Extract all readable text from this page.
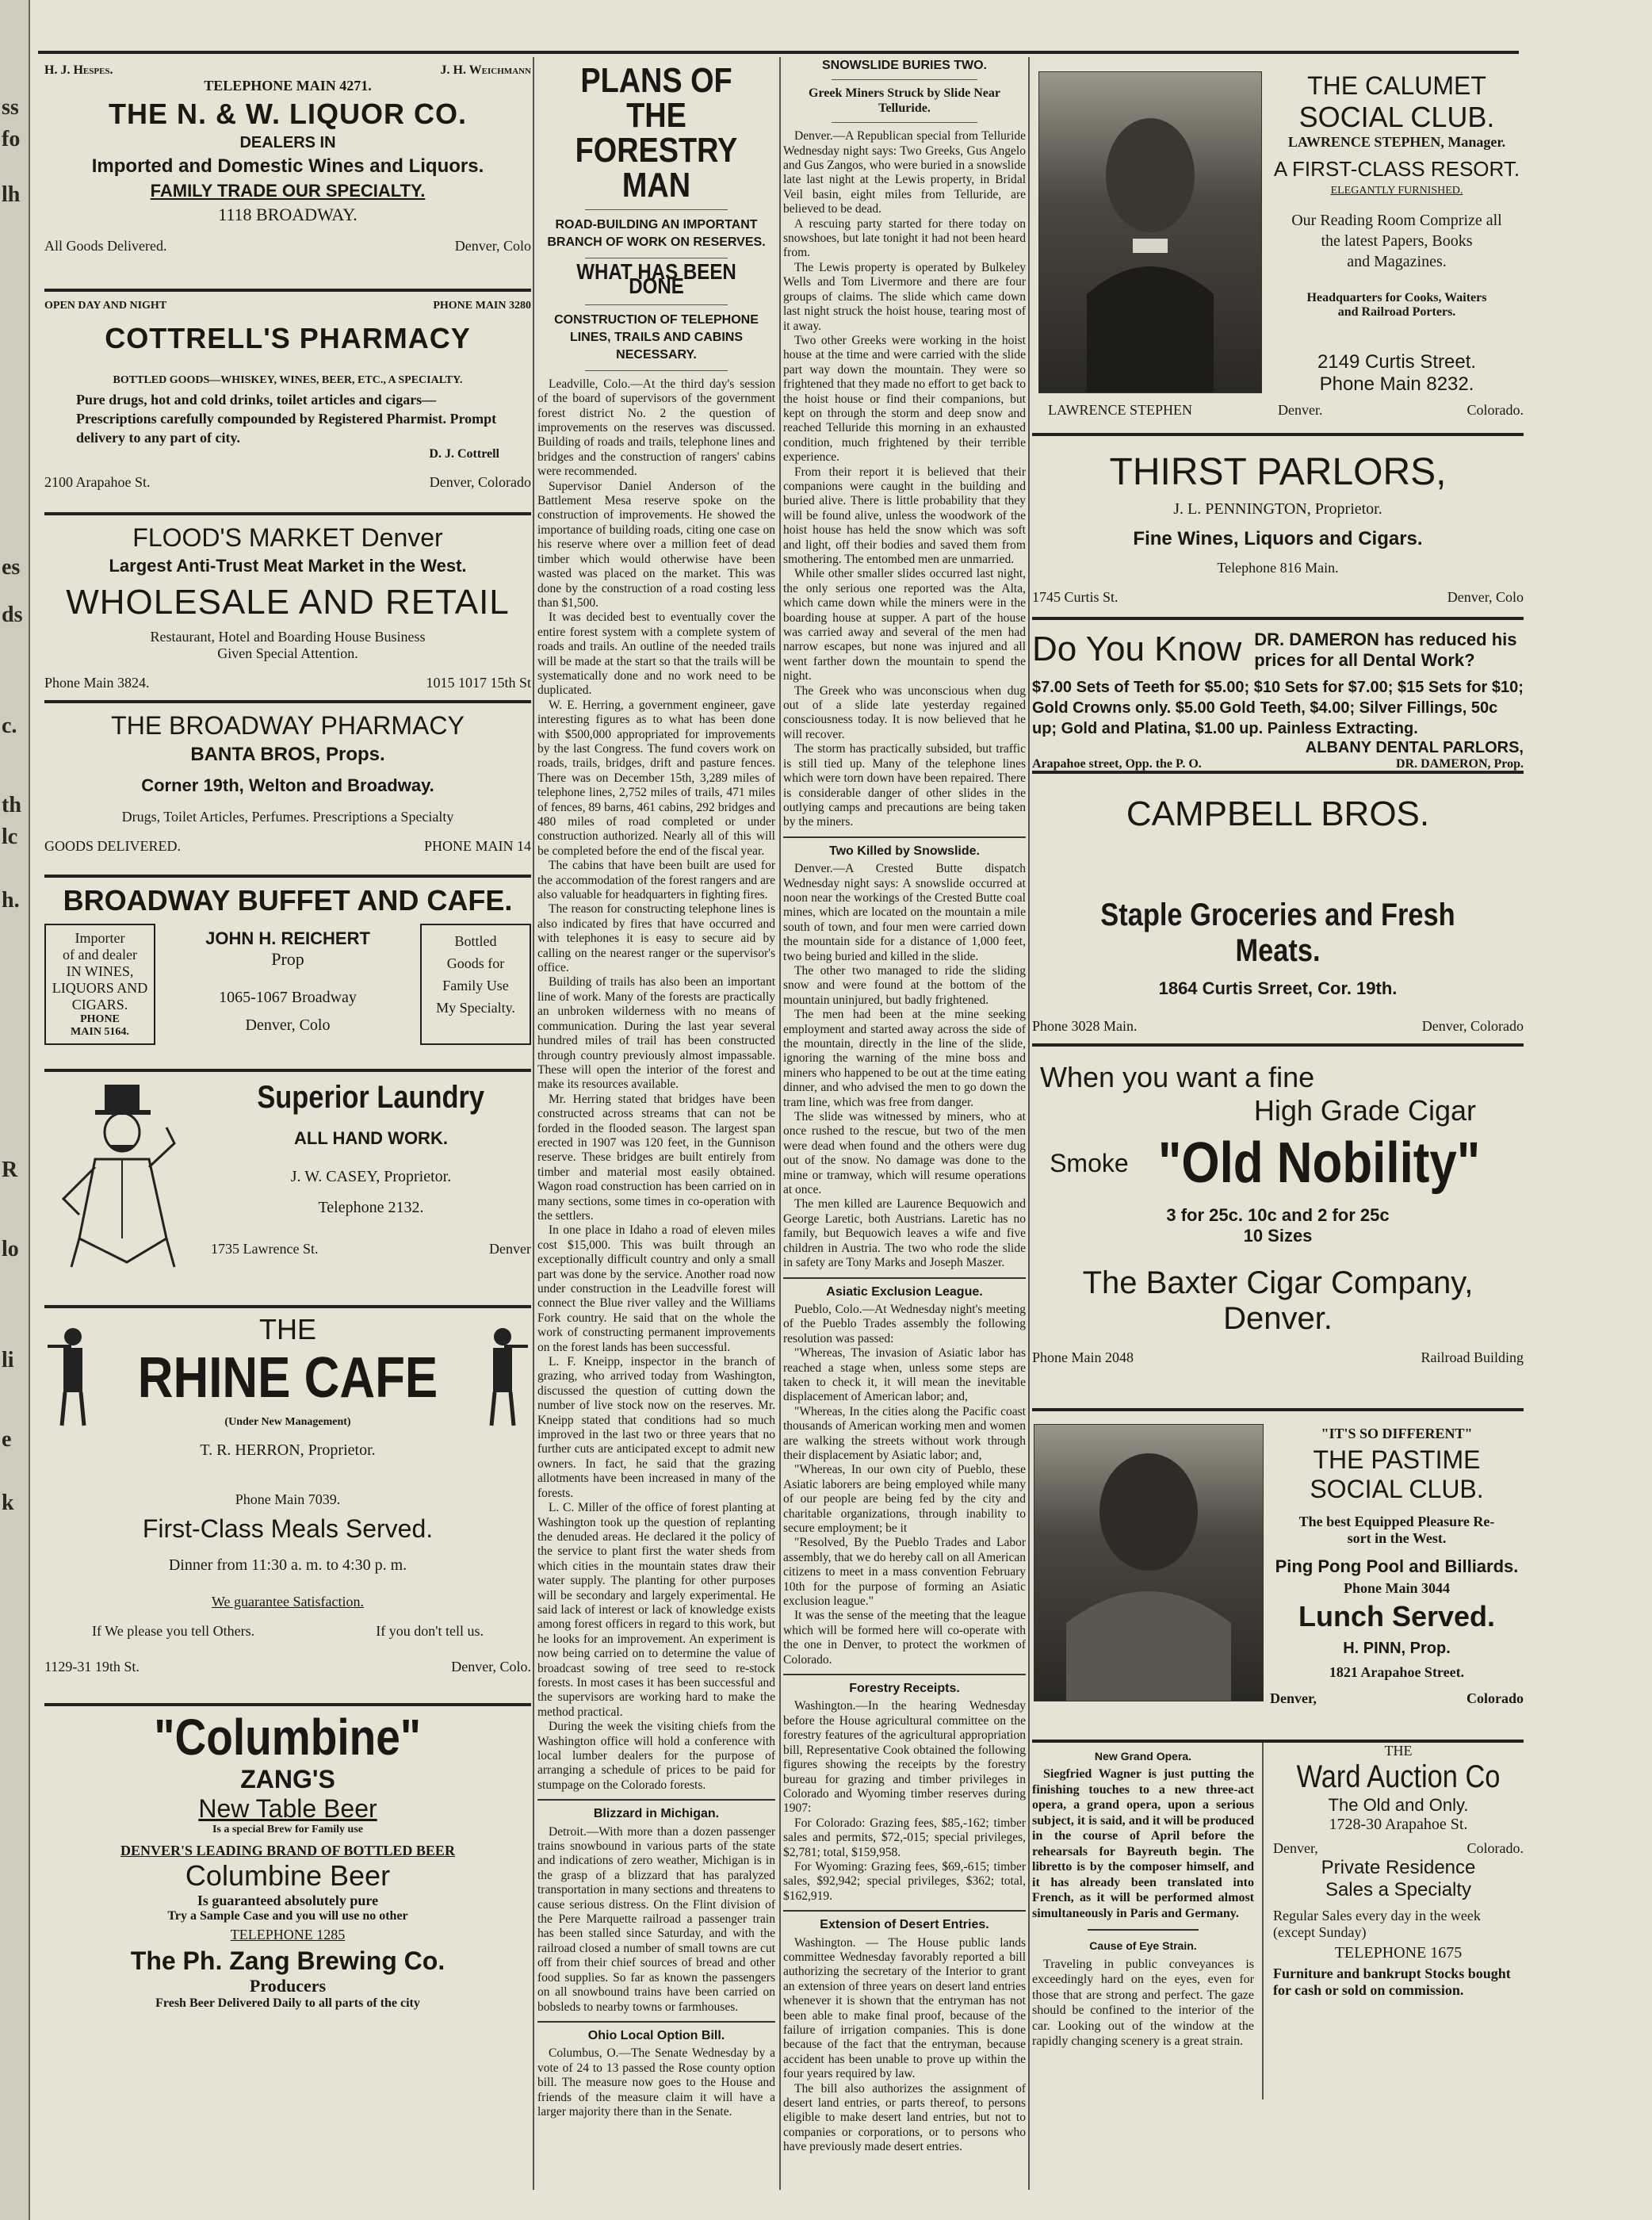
ss
fo
lh
es
ds
c.
th
lc
h.
R
lo
li
e
k
H. J. Hespes.	J. H. Weichmann
TELEPHONE MAIN 4271.
THE N. & W. LIQUOR CO.
DEALERS IN
Imported and Domestic Wines and Liquors.
FAMILY TRADE OUR SPECIALTY.
1118 BROADWAY.
All Goods Delivered.	Denver, Colo
OPEN DAY AND NIGHT	PHONE MAIN 3280
COTTRELL'S PHARMACY
BOTTLED GOODS—WHISKEY, WINES, BEER, ETC., A SPECIALTY.
Pure drugs, hot and cold drinks, toilet articles and cigars—Prescriptions carefully compounded by Registered Pharmist. Prompt delivery to any part of city.
D. J. Cottrell
2100 Arapahoe St.	Denver, Colorado
FLOOD'S MARKET Denver
Largest Anti-Trust Meat Market in the West.
WHOLESALE AND RETAIL
Restaurant, Hotel and Boarding House Business
Given Special Attention.
Phone Main 3824.	1015 1017 15th St
THE BROADWAY PHARMACY
BANTA BROS, Props.
Corner 19th, Welton and Broadway.
Drugs, Toilet Articles, Perfumes. Prescriptions a Specialty
GOODS DELIVERED.	PHONE MAIN 14
BROADWAY BUFFET AND CAFE.
Importer
of and dealer
IN WINES,
LIQUORS AND
CIGARS.
PHONE
MAIN 5164.
JOHN H. REICHERT
Prop
1065-1067 Broadway
Denver, Colo
Bottled
Goods for
Family Use
My Specialty.
Superior Laundry
ALL HAND WORK.
J. W. CASEY, Proprietor.
Telephone 2132.
1735 Lawrence St.	Denver
THE
RHINE CAFE
(Under New Management)
T. R. HERRON, Proprietor.
Phone Main 7039.
First-Class Meals Served.
Dinner from 11:30 a. m. to 4:30 p. m.
We guarantee Satisfaction.
If We please you tell Others.	If you don't tell us.
1129-31 19th St.	Denver, Colo.
"Columbine"
ZANG'S
New Table Beer
Is a special Brew for Family use
DENVER'S LEADING BRAND OF BOTTLED BEER
Columbine Beer
Is guaranteed absolutely pure
Try a Sample Case and you will use no other
TELEPHONE 1285
The Ph. Zang Brewing Co.
Producers
Fresh Beer Delivered Daily to all parts of the city
PLANS OF THE FORESTRY MAN
ROAD-BUILDING AN IMPORTANT BRANCH OF WORK ON RESERVES.
WHAT HAS BEEN DONE
CONSTRUCTION OF TELEPHONE LINES, TRAILS AND CABINS NECESSARY.

Leadville, Colo.—At the third day's session of the board of supervisors of the government forest district No. 2 the question of improvements on the reserves was discussed. Building of roads and trails, telephone lines and bridges and the construction of rangers' cabins were recommended.

Supervisor Daniel Anderson of the Battlement Mesa reserve spoke on the construction of improvements. He showed the importance of building roads, citing one case on his reserve where over a million feet of dead timber which would otherwise have been wasted was placed on the market. This was done by the construction of a road costing less than $1,500.

It was decided best to eventually cover the entire forest system with a complete system of roads and trails. An outline of the needed trails will be made at the start so that the trails will be systematically done and no work need to be duplicated.

W. E. Herring, a government engineer, gave interesting figures as to what has been done with $500,000 appropriated for improvements by the last Congress. The fund covers work on roads, trails, bridges, drift and pasture fences. There was on December 15th, 3,289 miles of telephone lines, 2,752 miles of trails, 471 miles of fences, 89 barns, 461 cabins, 292 bridges and 480 miles of road completed or under construction authorized. Nearly all of this will be completed before the end of the fiscal year.

The cabins that have been built are used for the accommodation of the forest rangers and are also valuable for headquarters in fighting fires.

The reason for constructing telephone lines is also indicated by fires that have occurred and with telephones it is easy to secure aid by calling on the nearest ranger or the supervisor's office.

Building of trails has also been an important line of work. Many of the forests are practically an unbroken wilderness with no means of communication. During the last year several hundred miles of trail has been constructed through country previously almost impassable. These will open the interior of the forest and make its resources available.

Mr. Herring stated that bridges have been constructed across streams that can not be forded in the flooded season. The largest span erected in 1907 was 120 feet, in the Gunnison reserve. These bridges are built entirely from timber and material most easily obtained. Wagon road construction has been carried on in many sections, some times in co-operation with the settlers.

In one place in Idaho a road of eleven miles cost $15,000. This was built through an exceptionally difficult country and only a small part was done by the service. Another road now under construction in the Leadville forest will connect the Blue river valley and the Williams Fork country. He said that on the whole the work of constructing permanent improvements on the forest lands has been successful.

L. F. Kneipp, inspector in the branch of grazing, who arrived today from Washington, discussed the question of cutting down the number of live stock now on the reserves. Mr. Kneipp stated that conditions had so much improved in the last two or three years that no further cuts are anticipated except to admit new owners. In fact, he said that the grazing allotments have been increased in many of the forests.

L. C. Miller of the office of forest planting at Washington took up the question of replanting the denuded areas. He declared it the policy of the service to plant first the water sheds from which cities in the mountain states draw their water supply. The planting for other purposes will be secondary and largely experimental. He said lack of interest or lack of knowledge exists among forest officers in regard to this work, but he looks for an improvement. An experiment is now being carried on to determine the value of broadcast sowing of tree seed to re-stock forests. In most cases it has been successful and the supervisors are working hard to make the method practical.

During the week the visiting chiefs from the Washington office will hold a conference with local lumber dealers for the purpose of arranging a schedule of prices to be paid for stumpage on the Colorado forests.

Blizzard in Michigan.

Detroit.—With more than a dozen passenger trains snowbound in various parts of the state and indications of zero weather, Michigan is in the grasp of a blizzard that has paralyzed transportation in many sections and threatens to cause serious distress. On the Flint division of the Pere Marquette railroad a passenger train has been stalled since Saturday, and with the railroad closed a number of small towns are cut off from their chief sources of bread and other food supplies. So far as known the passengers on all snowbound trains have been carried on bobsleds to nearby towns or farmhouses.

Ohio Local Option Bill.

Columbus, O.—The Senate Wednesday by a vote of 24 to 13 passed the Rose county option bill. The measure now goes to the House and friends of the measure claim it will have a larger majority there than in the Senate.

SNOWSLIDE BURIES TWO.
Greek Miners Struck by Slide Near Telluride.

Denver.—A Republican special from Telluride Wednesday night says: Two Greeks, Gus Angelo and Gus Zangos, who were buried in a snowslide late last night at the Lewis property, in Bridal Veil basin, eight miles from Telluride, are believed to be dead.

A rescuing party started for there today on snowshoes, but late tonight it had not been heard from.

The Lewis property is operated by Bulkeley Wells and Tom Livermore and there are four groups of claims. The slide which came down last night struck the hoist house, tearing most of it away.

Two other Greeks were working in the hoist house at the time and were carried with the slide part way down the mountain. They were so frightened that they made no effort to get back to the hoist house or find their companions, but kept on through the storm and deep snow and reached Telluride this morning in an exhausted condition, much frightened by their terrible experience.

From their report it is believed that their companions were caught in the building and buried alive. There is little probability that they will be found alive, unless the woodwork of the hoist house has held the snow which was soft and light, off their bodies and saved them from smothering. The entombed men are unmarried.

While other smaller slides occurred last night, the only serious one reported was the Alta, which came down while the miners were in the boarding house at supper. A part of the house was carried away and several of the men had narrow escapes, but none was injured and all went farther down the mountain to spend the night.

The Greek who was unconscious when dug out of a slide late yesterday regained consciousness today. It is now believed that he will recover.

The storm has practically subsided, but traffic is still tied up. Many of the telephone lines which were torn down have been repaired. There is considerable danger of other slides in the outlying camps and precautions are being taken by the miners.

Two Killed by Snowslide.

Denver.—A Crested Butte dispatch Wednesday night says: A snowslide occurred at noon near the workings of the Crested Butte coal mines, which are located on the mountain a mile south of town, and four men were carried down the mountain side for a distance of 1,000 feet, two being buried and killed in the slide.

The other two managed to ride the sliding snow and were found at the bottom of the mountain uninjured, but badly frightened.

The men had been at the mine seeking employment and started away across the side of the mountain, directly in the line of the slide, ignoring the warning of the mine boss and miners who happened to be out at the time eating dinner, and who advised the men to go down the tram line, which was free from danger.

The slide was witnessed by miners, who at once rushed to the rescue, but two of the men were dead when found and the others were dug out of the snow. No damage was done to the mine or tramway, which will resume operations at once.

The men killed are Laurence Bequowich and George Laretic, both Austrians. Laretic has no family, but Bequowich leaves a wife and five children in Austria. The two who rode the slide in safety are Tony Marks and Joseph Maszer.

Asiatic Exclusion League.

Pueblo, Colo.—At Wednesday night's meeting of the Pueblo Trades assembly the following resolution was passed:

"Whereas, The invasion of Asiatic labor has reached a stage when, unless some steps are taken to check it, it will mean the inevitable displacement of American labor; and,

"Whereas, In the cities along the Pacific coast thousands of American working men and women are walking the streets without work through their displacement by Asiatic labor; and,

"Whereas, In our own city of Pueblo, these Asiatic laborers are being employed while many of our people are being fed by the city and charitable organizations, through inability to secure employment; be it

"Resolved, By the Pueblo Trades and Labor assembly, that we do hereby call on all American citizens to meet in a mass convention February 10th for the purpose of forming an Asiatic exclusion league."

It was the sense of the meeting that the league which will be formed here will co-operate with the one in Denver, to protect the workmen of Colorado.

Forestry Receipts.

Washington.—In the hearing Wednesday before the House agricultural committee on the forestry features of the agricultural appropriation bill, Representative Cook obtained the following figures showing the receipts by the forestry bureau for grazing and timber privileges in Colorado and Wyoming timber reserves during 1907:

For Colorado: Grazing fees, $85,-162; timber sales and permits, $72,-015; special privileges, $2,781; total, $159,958.

For Wyoming: Grazing fees, $69,-615; timber sales, $92,942; special privileges, $362; total, $162,919.

Extension of Desert Entries.

Washington. — The House public lands committee Wednesday favorably reported a bill authorizing the secretary of the Interior to grant an extension of three years on desert land entries whenever it is shown that the entryman has not been able to make final proof, because of the failure of irrigation companies. This is done because of the fact that the entryman, because accident has been unable to prove up within the four years required by law.

The bill also authorizes the assignment of desert land entries, or parts thereof, to persons eligible to make desert land entries, but not to companies or corporations, or to persons who have previously made desert entries.

THE CALUMET
SOCIAL CLUB.
LAWRENCE STEPHEN, Manager.
A FIRST-CLASS RESORT.
ELEGANTLY FURNISHED.
Our Reading Room Comprize all
the latest Papers, Books
and Magazines.
Headquarters for Cooks, Waiters
and Railroad Porters.
2149 Curtis Street.
Phone Main 8232.
LAWRENCE STEPHEN	Denver.	Colorado.
THIRST PARLORS,
J. L. PENNINGTON, Proprietor.
Fine Wines, Liquors and Cigars.
Telephone 816 Main.
1745 Curtis St.	Denver, Colo
Do You Know DR. DAMERON has reduced his prices for all Dental Work?
$7.00 Sets of Teeth for $5.00; $10 Sets for $7.00; $15 Sets for $10; Gold Crowns only. $5.00 Gold Teeth, $4.00; Silver Fillings, 50c up; Gold and Platina, $1.00 up. Painless Extracting.
ALBANY DENTAL PARLORS,
Arapahoe street, Opp. the P. O.	DR. DAMERON, Prop.
CAMPBELL BROS.
Staple Groceries and Fresh Meats.
1864 Curtis Srreet, Cor. 19th.
Phone 3028 Main.	Denver, Colorado
When you want a fine
High Grade Cigar
Smoke "Old Nobility"
3 for 25c. 10c and 2 for 25c
10 Sizes
The Baxter Cigar Company,
Denver.
Phone Main 2048	Railroad Building
"IT'S SO DIFFERENT"
THE PASTIME
SOCIAL CLUB.
The best Equipped Pleasure Re-
sort in the West.
Ping Pong Pool and Billiards.
Phone Main 3044
Lunch Served.
H. PINN, Prop.
1821 Arapahoe Street.
Denver,	Colorado
New Grand Opera.

Siegfried Wagner is just putting the finishing touches to a new three-act opera, a grand opera, upon a serious subject, it is said, and it will be produced in the course of April before the rehearsals for Bayreuth begin. The libretto is by the composer himself, and it has already been translated into French, as it will be performed almost simultaneously in Paris and Germany.

Cause of Eye Strain.

Traveling in public conveyances is exceedingly hard on the eyes, even for those that are strong and perfect. The gaze should be confined to the interior of the car. Looking out of the window at the rapidly changing scenery is a great strain.

THE
Ward Auction Co
The Old and Only.
1728-30 Arapahoe St.
Denver,	Colorado.
Private Residence
Sales a Specialty
Regular Sales every day in the week (except Sunday)
TELEPHONE 1675
Furniture and bankrupt Stocks bought for cash or sold on commission.
